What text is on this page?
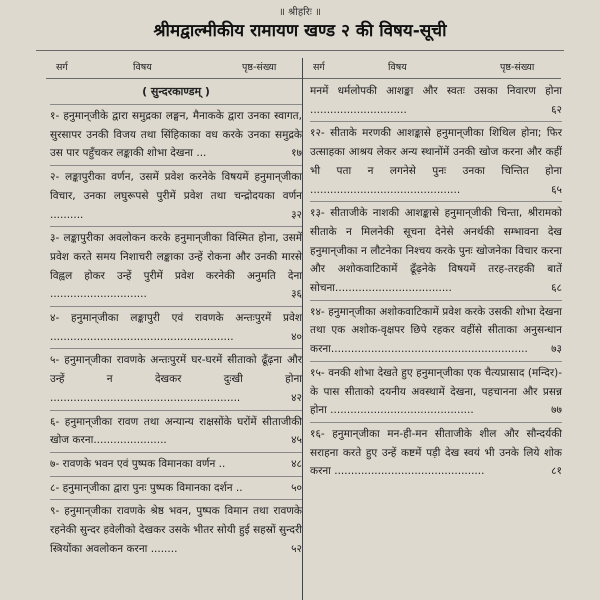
॥ श्रीहरिः ॥
श्रीमद्वाल्मीकीय रामायण खण्ड २ की विषय-सूची
सर्ग	विषय	पृष्ठ-संख्या	सर्ग	विषय	पृष्ठ-संख्या
( सुन्दरकाण्डम् )
१- हनुमान्‌जीके द्वारा समुद्रका लङ्घन, मैनाकके द्वारा उनका स्वागत, सुरसापर उनकी विजय तथा सिंहिकाका वध करके उनका समुद्रके उस पार पहुँचकर लङ्काकी शोभा देखना ...	१७
२- लङ्कापुरीका वर्णन, उसमें प्रवेश करनेके विषयमें हनुमान्‌जीका विचार, उनका लघुरूपसे पुरीमें प्रवेश तथा चन्द्रोदयका वर्णन ..........	३२
३- लङ्कापुरीका अवलोकन करके हनुमान्‌जीका विस्मित होना, उसमें प्रवेश करते समय निशाचरी लङ्काका उन्हें रोकना और उनकी मारसे विह्वल होकर उन्हें पुरीमें प्रवेश करनेकी अनुमति देना .............................	३६
४- हनुमान्‌जीका लङ्कापुरी एवं रावणके अन्तःपुरमें प्रवेश .......................................................	४०
५- हनुमान्‌जीका रावणके अन्तःपुरमें घर-घरमें सीताको ढूँढ़ना और उन्हें न देखकर दुःखी होना .........................................................	४२
६- हनुमान्‌जीका रावण तथा अन्यान्य राक्षसोंके घरोंमें सीताजीकी खोज करना......................	४५
७- रावणके भवन एवं पुष्पक विमानका वर्णन ..	४८
८- हनुमान्‌जीका द्वारा पुनः पुष्पक विमानका दर्शन ..	५०
९- हनुमान्‌जीका रावणके श्रेष्ठ भवन, पुष्पक विमान तथा रावणके रहनेकी सुन्दर हवेलीको देखकर उसके भीतर सोयी हुई सहस्रों सुन्दरी स्त्रियोंका अवलोकन करना ........	५२
मनमें धर्मलोपकी आशङ्का और स्वतः उसका निवारण होना .............................	६२
१२- सीताके मरणकी आशङ्कासे हनुमान्‌जीका शिथिल होना; फिर उत्साहका आश्रय लेकर अन्य स्थानोंमें उनकी खोज करना और कहीं भी पता न लगनेसे पुनः उनका चिन्तित होना .............................................	६५
१३- सीताजीके नाशकी आशङ्कासे हनुमान्‌जीकी चिन्ता, श्रीरामको सीताके न मिलनेकी सूचना देनेसे अनर्थकी सम्भावना देख हनुमान्‌जीका न लौटनेका निश्चय करके पुनः खोजनेका विचार करना और अशोकवाटिकामें ढूँढ़नेके विषयमें तरह-तरहकी बातें सोचना...................................	६८
१४- हनुमान्‌जीका अशोकवाटिकामें प्रवेश करके उसकी शोभा देखना तथा एक अशोक-वृक्षपर छिपे रहकर वहींसे सीताका अनुसन्धान करना........................................................... ७३
१५- वनकी शोभा देखते हुए हनुमान्‌जीका एक चैत्यप्रासाद (मन्दिर)-के पास सीताको दयनीय अवस्थामें देखना, पहचानना और प्रसन्न होना ...........................................	७७
१६- हनुमान्‌जीका मन-ही-मन सीताजीके शील और सौन्दर्यकी सराहना करते हुए उन्हें कष्टमें पड़ी देख स्वयं भी उनके लिये शोक करना .............................................	८१
